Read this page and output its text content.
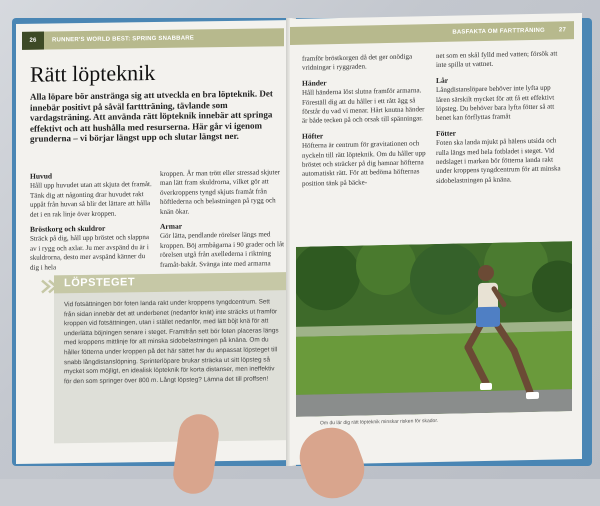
26	RUNNER'S WORLD BEST: SPRING SNABBARE
Rätt löpteknik
Alla löpare bör anstränga sig att utveckla en bra löpteknik. Det innebär positivt på såväl farttträning, tävlande som vardagsträning. Att använda rätt löpteknik innebär att springa effektivt och att hushålla med resurserna. Här går vi igenom grunderna – vi börjar längst upp och slutar längst ner.
Huvud

Håll upp huvudet utan att skjuta det framåt. Tänk dig att någonting drar huvudet rakt uppåt från huvan så blir det lättare att hålla det i en rak linje över kroppen.

Bröstkorg och skuldror

Sträck på dig, håll upp bröstet och slappna av i rygg och axlar. Ju mer avspänd du är i skuldrorna, desto mer avspänd känner du dig i hela

kroppen. Är man trött eller stressad skjuter man lätt fram skuldrorna, vilket gör att överkroppens tyngd skjuts framåt från höftlederna och belastningen på rygg och knän ökar.

Armar

Gör lätta, pendlande rörelser längs med kroppen. Böj armbågarna i 90 grader och låt rörelsen utgå från axellederna i riktning framåt-bakåt. Svänga inte med armarna

LÖPSTEGET
Vid fotsättningen bör foten landa rakt under kroppens tyngdcentrum. Sett från sidan innebär det att underbenet (nedanför knät) inte sträcks ut framför kroppen vid fotsättningen, utan i stället nedanför, med lätt böjt knä för att underlätta böjningen senare i steget. Framifrån sett bör foten placeras längs med kroppens mittlinje för att minska sidobelastningen på knäna. Om du håller fötterna under kroppen på det här sättet har du anpassat löpsteget till snabb långdistanslöpning. Sprinterlöpare brukar sträcka ut sitt löpsteg så mycket som möjligt, en idealisk löpteknik för korta distanser, men ineffektiv för den som springer över 800 m. Långt löpsteg? Lämna det till proffsen!
BASFAKTA OM FARTTRÄNING	27

framför bröstkorgen då det ger onödiga vridningar i ryggraden.

Händer

Håll händerna löst slutna framför armarna. Föreställ dig att du håller i ett rått ägg så förstår du vad vi menar. Hårt knutna händer är både tecken på och orsak till spänningar.

Höfter

Höfterna är centrum för gravitationen och nyckeln till rätt löpteknik. Om du håller upp bröstet och sträcker på dig hamnar höfterna automatiskt rätt. För att bedöma höfternas position tänk på bäcke-

net som en skål fylld med vatten; försök att inte spilla ut vattnet.

Lår

Långdistanslöpare behöver inte lyfta upp låren särskilt mycket för att få ett effektivt löpsteg. Du behöver bara lyfta fötter så att benet kan förflyttas framåt

Fötter

Foten ska landa mjukt på hälens utsida och rulla längs med hela fotbladet i steget. Vid nedslaget i marken bör fötterna landa rakt under kroppens tyngdcentrum för att minska sidobelastningen på knäna.

Om du lär dig rätt löpteknik minskar risken för skador.
